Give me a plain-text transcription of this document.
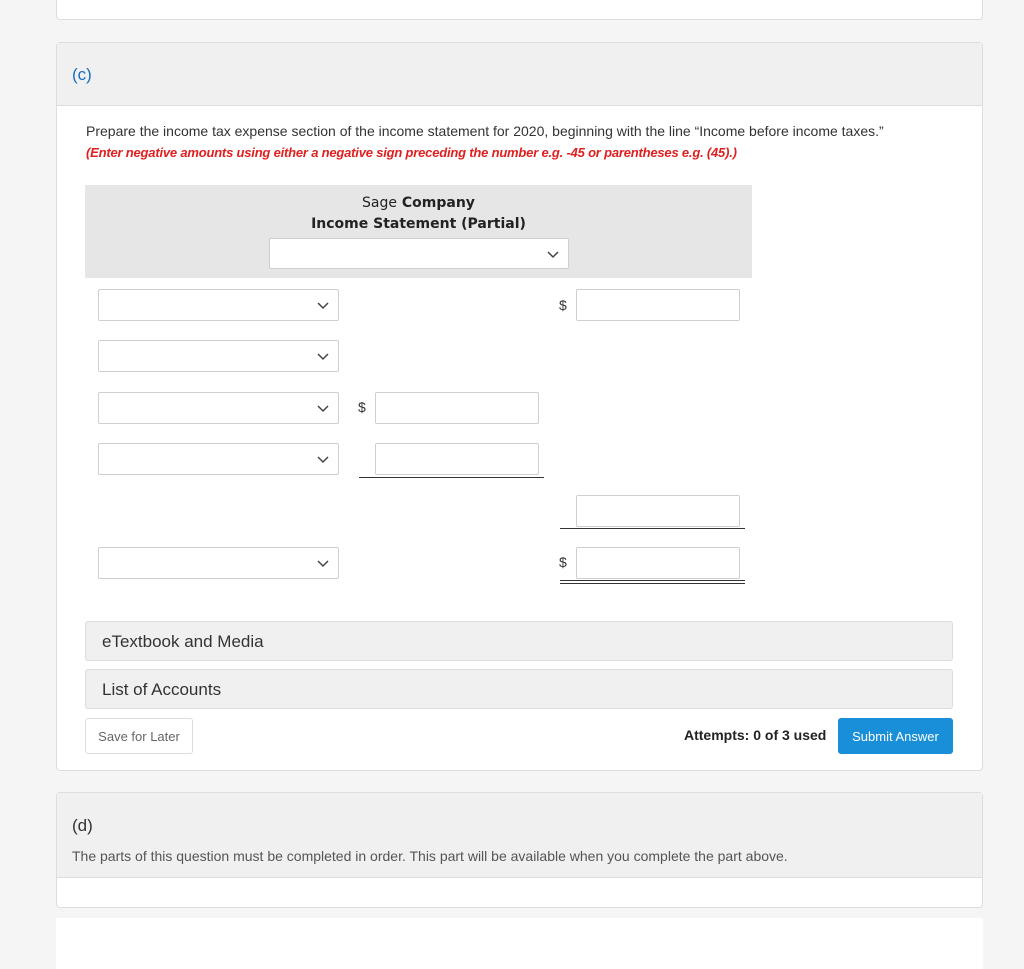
(c)
Prepare the income tax expense section of the income statement for 2020, beginning with the line “Income before income taxes.”
(Enter negative amounts using either a negative sign preceding the number e.g. -45 or parentheses e.g. (45).)
Sage Company
Income Statement (Partial)
$
$
$
eTextbook and Media
List of Accounts
Save for Later	Attempts: 0 of 3 used	Submit Answer
(d)
The parts of this question must be completed in order. This part will be available when you complete the part above.
